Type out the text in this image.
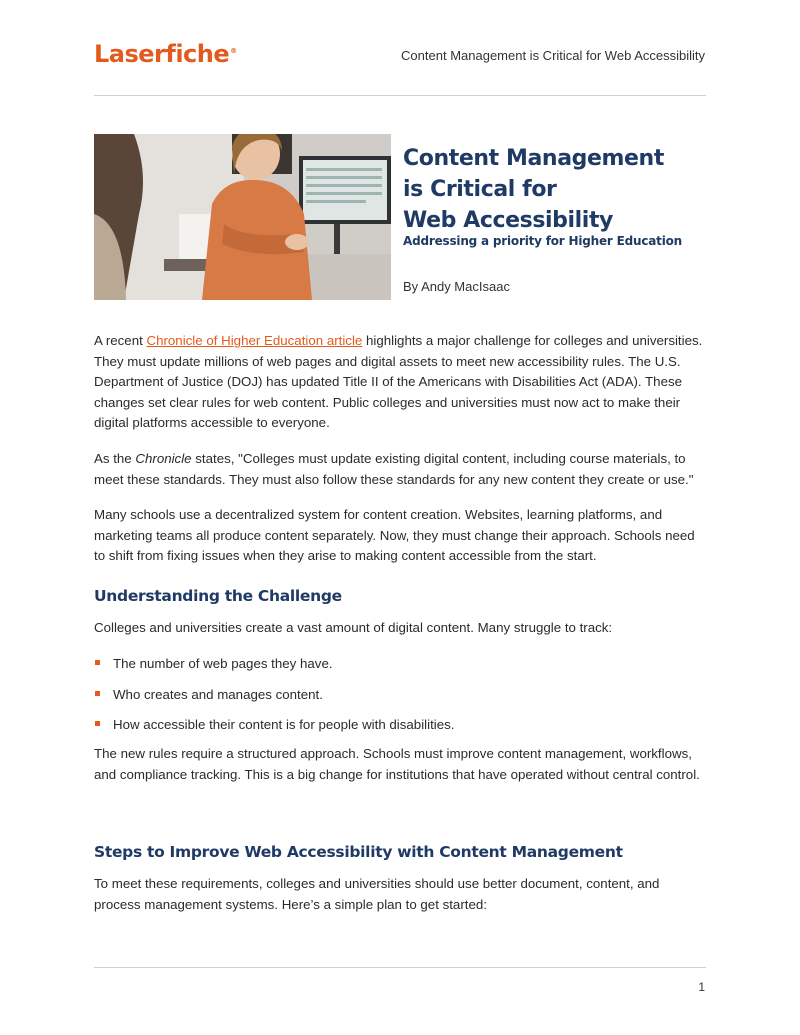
Laserfiche®	Content Management is Critical for Web Accessibility
Content Management
is Critical for
Web Accessibility
Addressing a priority for Higher Education
By Andy MacIsaac
A recent Chronicle of Higher Education article highlights a major challenge for colleges and universities. They must update millions of web pages and digital assets to meet new accessibility rules. The U.S. Department of Justice (DOJ) has updated Title II of the Americans with Disabilities Act (ADA). These changes set clear rules for web content. Public colleges and universities must now act to make their digital platforms accessible to everyone.
As the Chronicle states, "Colleges must update existing digital content, including course materials, to meet these standards. They must also follow these standards for any new content they create or use."
Many schools use a decentralized system for content creation. Websites, learning platforms, and marketing teams all produce content separately. Now, they must change their approach. Schools need to shift from fixing issues when they arise to making content accessible from the start.
Understanding the Challenge
Colleges and universities create a vast amount of digital content. Many struggle to track:
The number of web pages they have.
Who creates and manages content.
How accessible their content is for people with disabilities.
The new rules require a structured approach. Schools must improve content management, workflows, and compliance tracking. This is a big change for institutions that have operated without central control.
Steps to Improve Web Accessibility with Content Management
To meet these requirements, colleges and universities should use better document, content, and process management systems. Here’s a simple plan to get started:
1
